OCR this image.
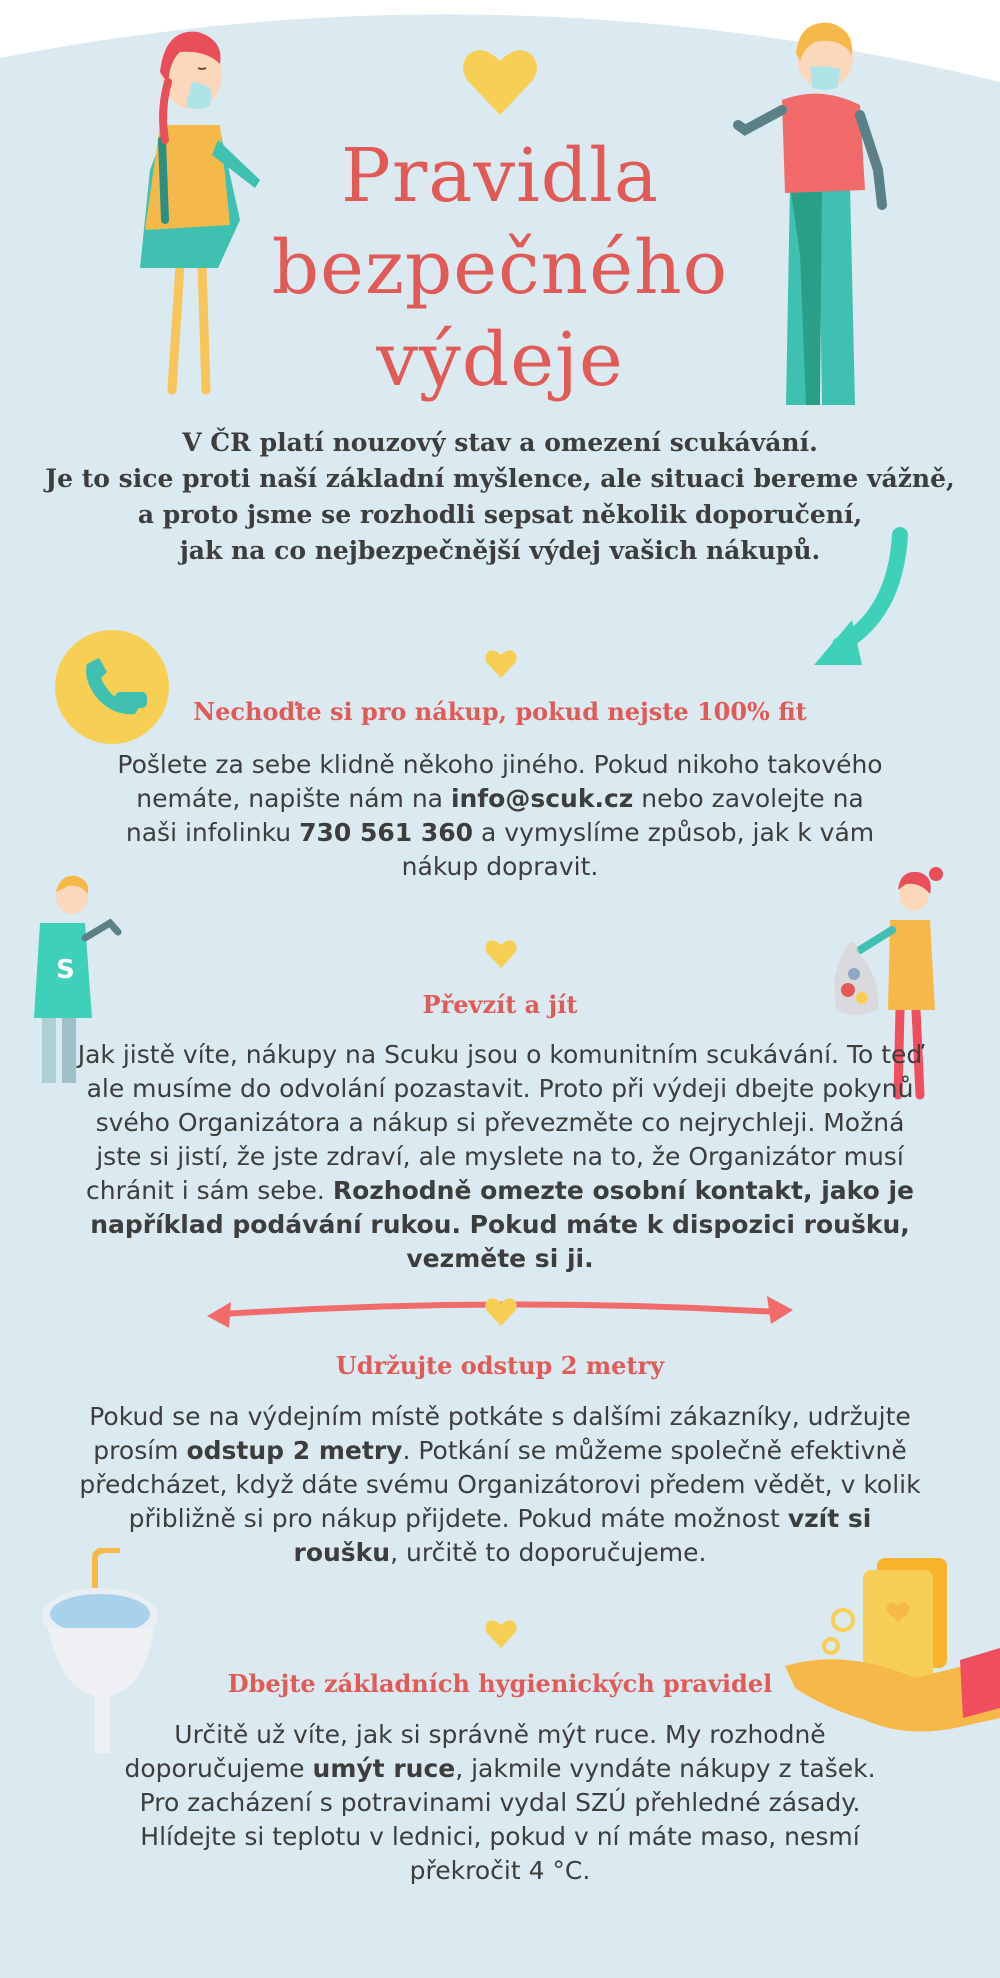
Pravidla
bezpečného
výdeje
V ČR platí nouzový stav a omezení scukávání.
Je to sice proti naší základní myšlence, ale situaci bereme vážně,
a proto jsme se rozhodli sepsat několik doporučení,
jak na co nejbezpečnější výdej vašich nákupů.
Nechoďte si pro nákup, pokud nejste 100% fit

Pošlete za sebe klidně někoho jiného. Pokud nikoho takového nemáte, napište nám na info@scuk.cz nebo zavolejte na naši infolinku 730 561 360 a vymyslíme způsob, jak k vám nákup dopravit.

S
Převzít a jít

Jak jistě víte, nákupy na Scuku jsou o komunitním scukávání. To teď ale musíme do odvolání pozastavit. Proto při výdeji dbejte pokynů svého Organizátora a nákup si převezměte co nejrychleji. Možná jste si jistí, že jste zdraví, ale myslete na to, že Organizátor musí chránit i sám sebe. Rozhodně omezte osobní kontakt, jako je například podávání rukou. Pokud máte k dispozici roušku, vezměte si ji.

Udržujte odstup 2 metry

Pokud se na výdejním místě potkáte s dalšími zákazníky, udržujte prosím odstup 2 metry. Potkání se můžeme společně efektivně předcházet, když dáte svému Organizátorovi předem vědět, v kolik přibližně si pro nákup přijdete. Pokud máte možnost vzít si roušku, určitě to doporučujeme.

Dbejte základních hygienických pravidel

Určitě už víte, jak si správně mýt ruce. My rozhodně doporučujeme umýt ruce, jakmile vyndáte nákupy z tašek. Pro zacházení s potravinami vydal SZÚ přehledné zásady. Hlídejte si teplotu v lednici, pokud v ní máte maso, nesmí překročit 4 °C.
